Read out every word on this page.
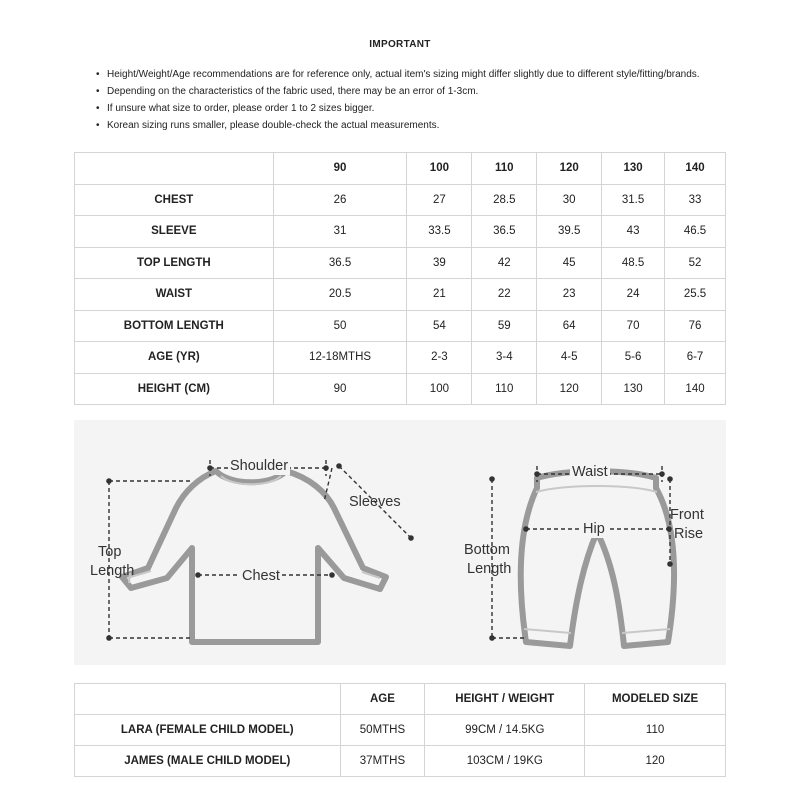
IMPORTANT
• Height/Weight/Age recommendations are for reference only, actual item's sizing might differ slightly due to different style/fitting/brands.
• Depending on the characteristics of the fabric used, there may be an error of 1-3cm.
• If unsure what size to order, please order 1 to 2 sizes bigger.
• Korean sizing runs smaller, please double-check the actual measurements.
	90	100	110	120	130	140
CHEST	26	27	28.5	30	31.5	33
SLEEVE	31	33.5	36.5	39.5	43	46.5
TOP LENGTH	36.5	39	42	45	48.5	52
WAIST	20.5	21	22	23	24	25.5
BOTTOM LENGTH	50	54	59	64	70	76
AGE (YR)	12-18MTHS	2-3	3-4	4-5	5-6	6-7
HEIGHT (CM)	90	100	110	120	130	140
Shoulder
Sleeves
Top
Length	Chest
Waist
Hip
Front
Rise
Bottom
Length
	AGE	HEIGHT / WEIGHT	MODELED SIZE
LARA (FEMALE CHILD MODEL)	50MTHS	99CM / 14.5KG	110
JAMES (MALE CHILD MODEL)	37MTHS	103CM / 19KG	120
